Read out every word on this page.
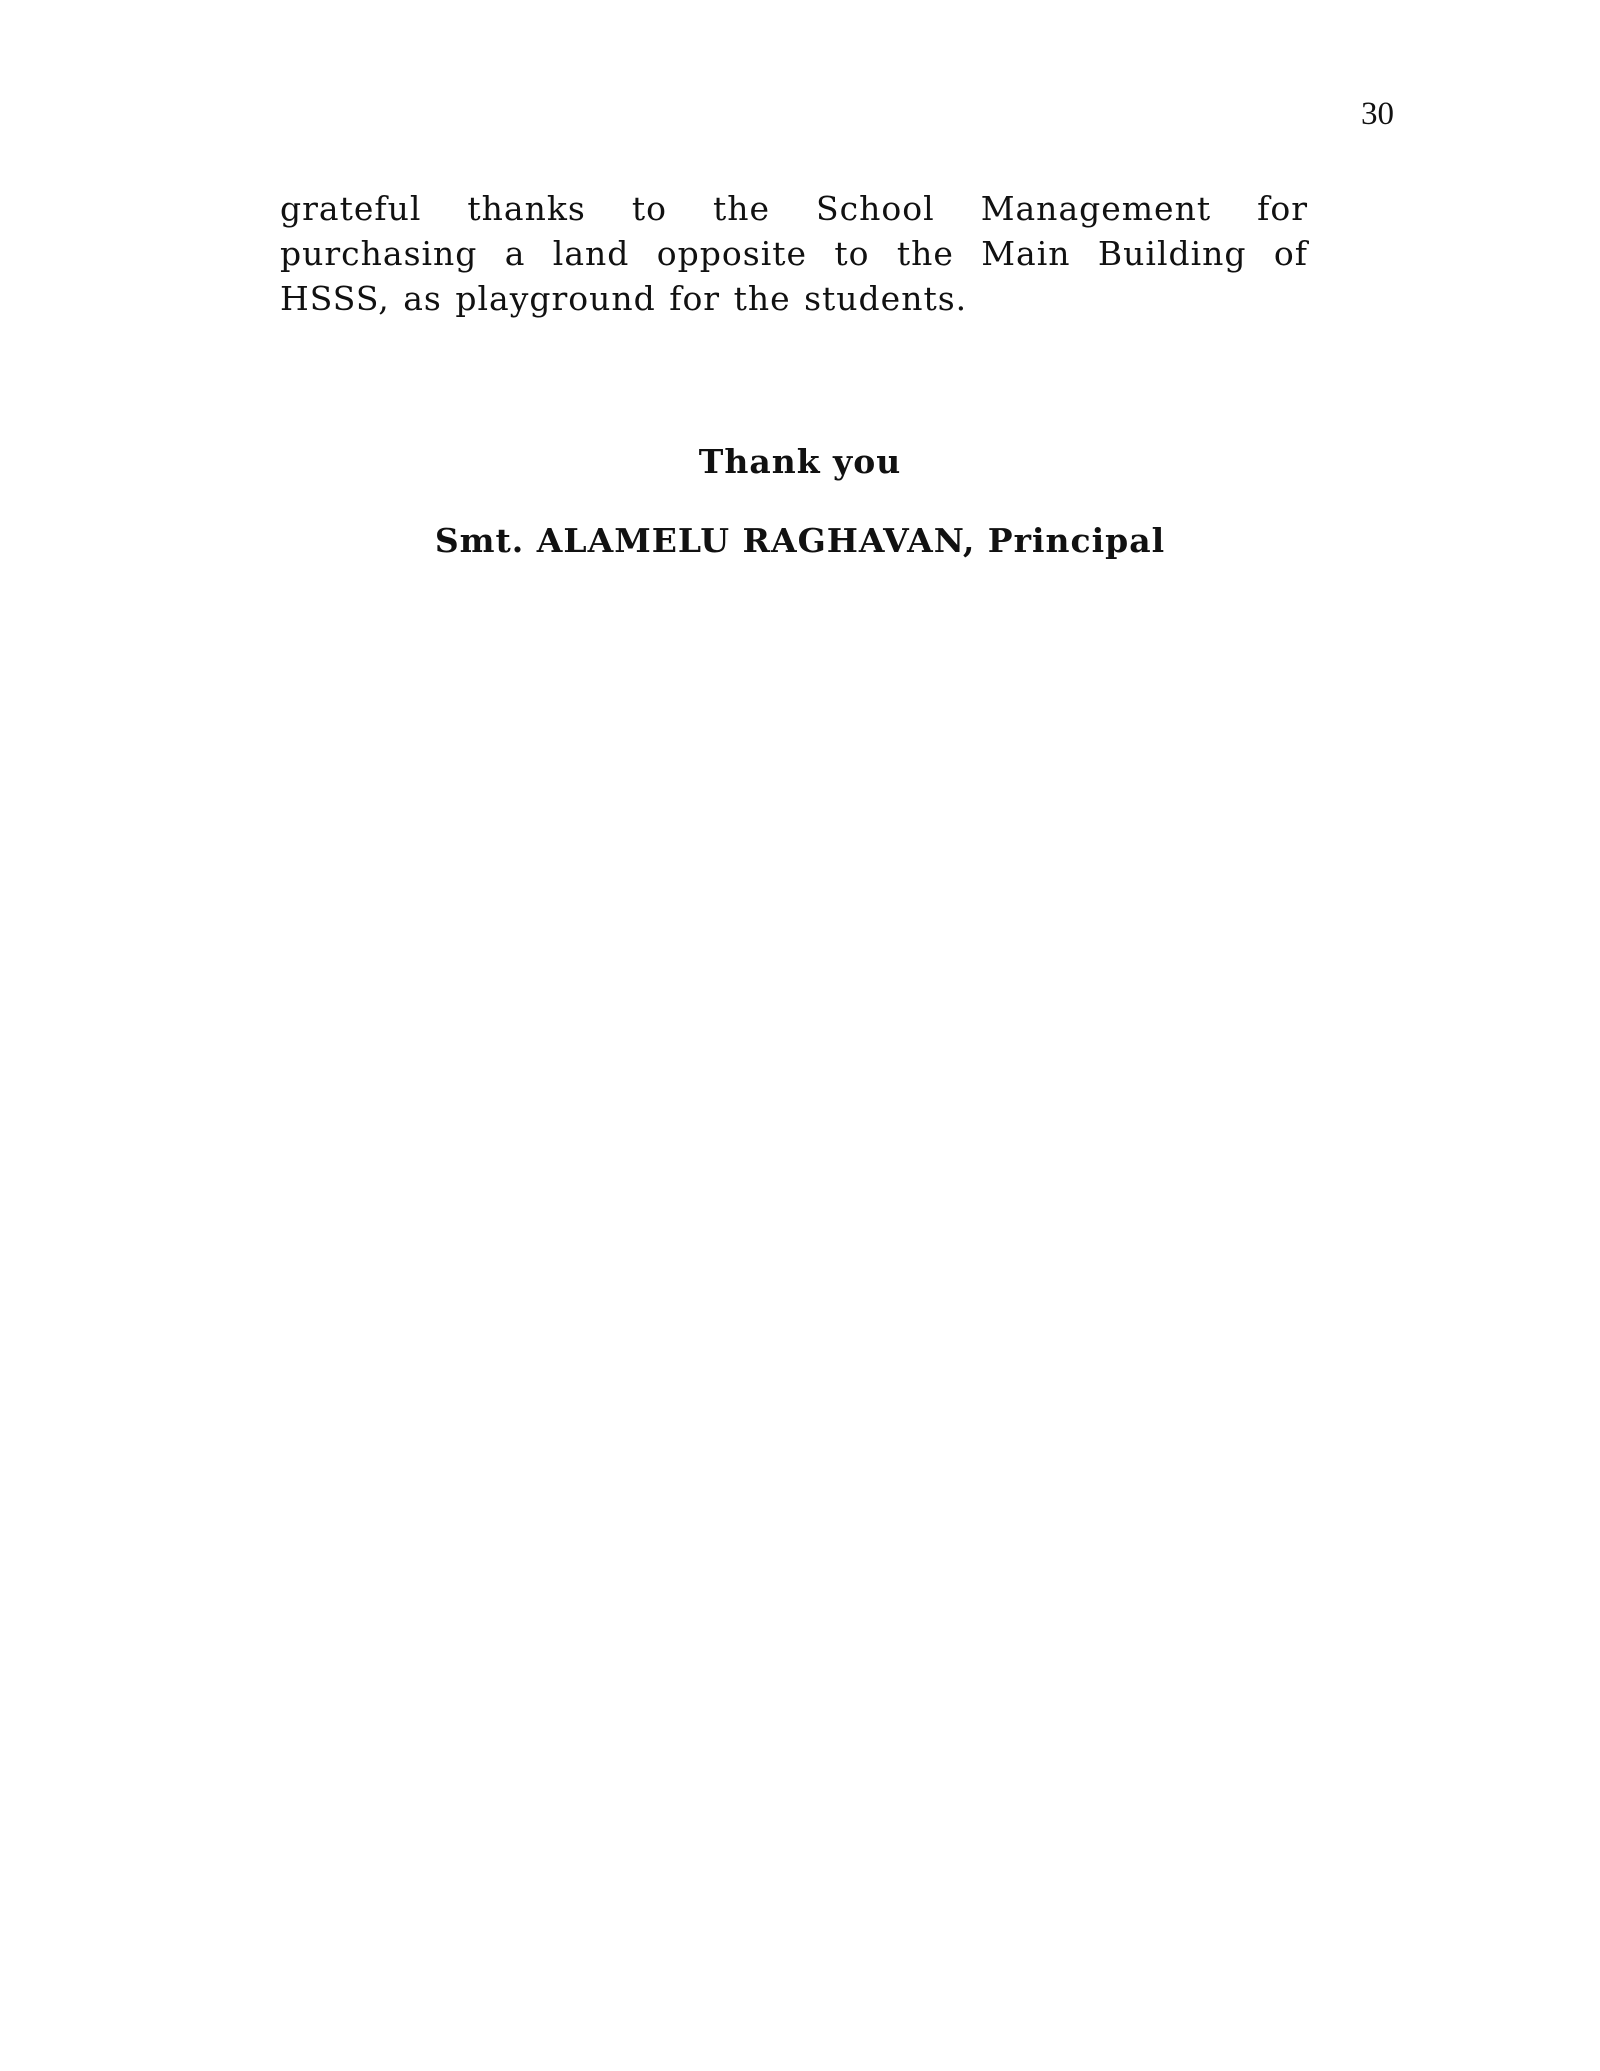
30

grateful thanks to the School Management for purchasing a land opposite to the Main Building of HSSS, as playground for the students.

Thank you

Smt. ALAMELU RAGHAVAN, Principal
